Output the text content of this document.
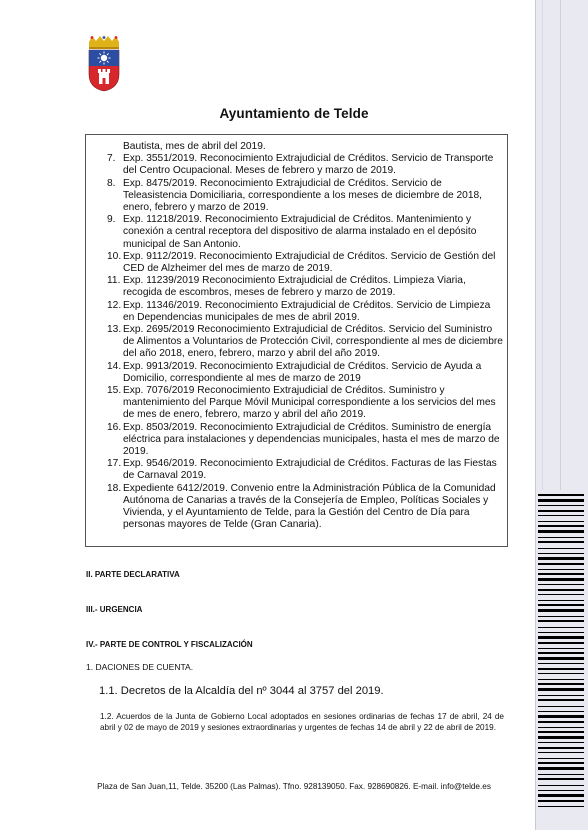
Ayuntamiento de Telde
Bautista, mes de abril del 2019.
7. Exp. 3551/2019. Reconocimiento Extrajudicial de Créditos. Servicio de Transporte del Centro Ocupacional. Meses de febrero y marzo de 2019.
8. Exp. 8475/2019. Reconocimiento Extrajudicial de Créditos. Servicio de Teleasistencia Domiciliaria, correspondiente a los meses de diciembre de 2018, enero, febrero y marzo de 2019.
9. Exp. 11218/2019. Reconocimiento Extrajudicial de Créditos. Mantenimiento y conexión a central receptora del dispositivo de alarma instalado en el depósito municipal de San Antonio.
10. Exp. 9112/2019. Reconocimiento Extrajudicial de Créditos. Servicio de Gestión del CED de Alzheimer del mes de marzo de 2019.
11. Exp. 11239/2019 Reconocimiento Extrajudicial de Créditos. Limpieza Viaria, recogida de escombros, meses de febrero y marzo de 2019.
12. Exp. 11346/2019. Reconocimiento Extrajudicial de Créditos. Servicio de Limpieza en Dependencias municipales de mes de abril 2019.
13. Exp. 2695/2019 Reconocimiento Extrajudicial de Créditos. Servicio del Suministro de Alimentos a Voluntarios de Protección Civil, correspondiente al mes de diciembre del año 2018, enero, febrero, marzo y abril del año 2019.
14. Exp. 9913/2019. Reconocimiento Extrajudicial de Créditos. Servicio de Ayuda a Domicilio, correspondiente al mes de marzo de 2019
15. Exp. 7076/2019 Reconocimiento Extrajudicial de Créditos. Suministro y mantenimiento del Parque Móvil Municipal correspondiente a los servicios del mes de mes de enero, febrero, marzo y abril del año 2019.
16. Exp. 8503/2019. Reconocimiento Extrajudicial de Créditos. Suministro de energía eléctrica para instalaciones y dependencias municipales, hasta el mes de marzo de 2019.
17. Exp. 9546/2019. Reconocimiento Extrajudicial de Créditos. Facturas de las Fiestas de Carnaval 2019.
18. Expediente 6412/2019. Convenio entre la Administración Pública de la Comunidad Autónoma de Canarias a través de la Consejería de Empleo, Políticas Sociales y Vivienda, y el Ayuntamiento de Telde, para la Gestión del Centro de Día para personas mayores de Telde (Gran Canaria).
II. PARTE DECLARATIVA
III.- URGENCIA
IV.- PARTE DE CONTROL Y FISCALIZACIÓN
1. DACIONES DE CUENTA.
1.1. Decretos de la Alcaldía del nº 3044 al 3757 del 2019.
1.2. Acuerdos de la Junta de Gobierno Local adoptados en sesiones ordinarias de fechas 17 de abril, 24 de abril y 02 de mayo de 2019 y sesiones extraordinarias y urgentes de fechas 14 de abril y 22 de abril de 2019.
Plaza de San Juan,11, Telde. 35200 (Las Palmas). Tfno. 928139050. Fax. 928690826. E-mail. info@telde.es
